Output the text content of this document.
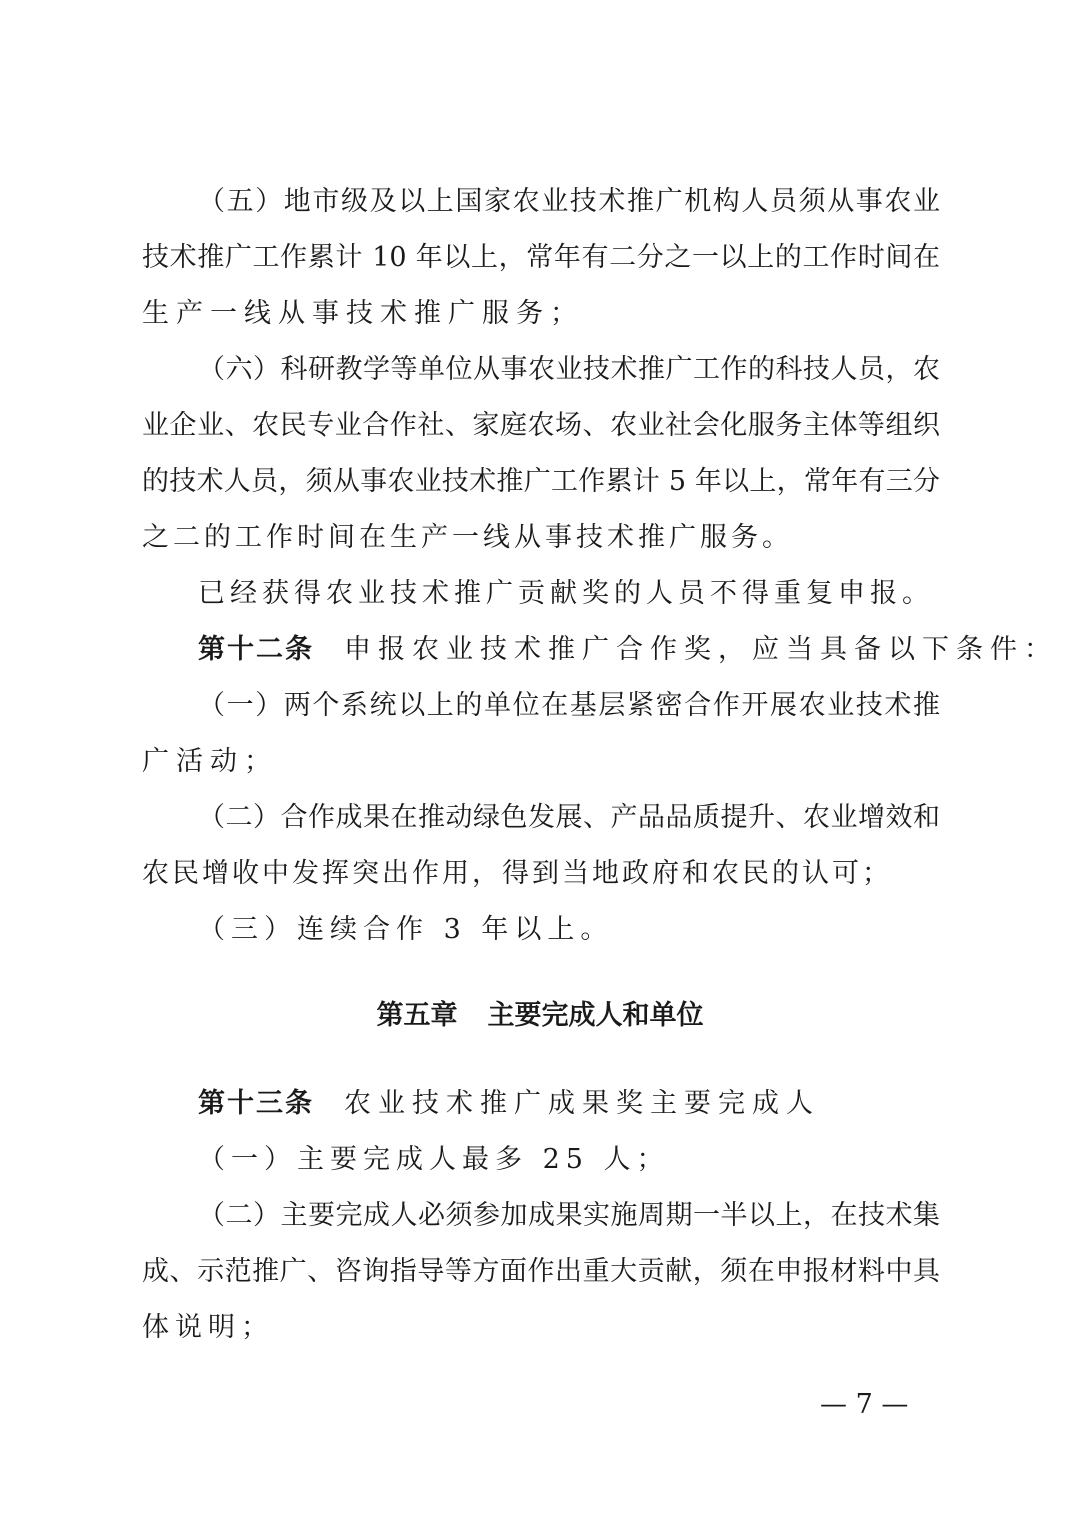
（五）地市级及以上国家农业技术推广机构人员须从事农业
技术推广工作累计 10 年以上，常年有二分之一以上的工作时间在
生产一线从事技术推广服务；
（六）科研教学等单位从事农业技术推广工作的科技人员，农
业企业、农民专业合作社、家庭农场、农业社会化服务主体等组织
的技术人员，须从事农业技术推广工作累计 5 年以上，常年有三分
之二的工作时间在生产一线从事技术推广服务。
已经获得农业技术推广贡献奖的人员不得重复申报。
第十二条 申报农业技术推广合作奖，应当具备以下条件：
（一）两个系统以上的单位在基层紧密合作开展农业技术推
广活动；
（二）合作成果在推动绿色发展、产品品质提升、农业增效和
农民增收中发挥突出作用，得到当地政府和农民的认可；
（三）连续合作 3 年以上。
第五章 主要完成人和单位
第十三条 农业技术推广成果奖主要完成人
（一）主要完成人最多 25 人；
（二）主要完成人必须参加成果实施周期一半以上，在技术集
成、示范推广、咨询指导等方面作出重大贡献，须在申报材料中具
体说明；
— 7 —
